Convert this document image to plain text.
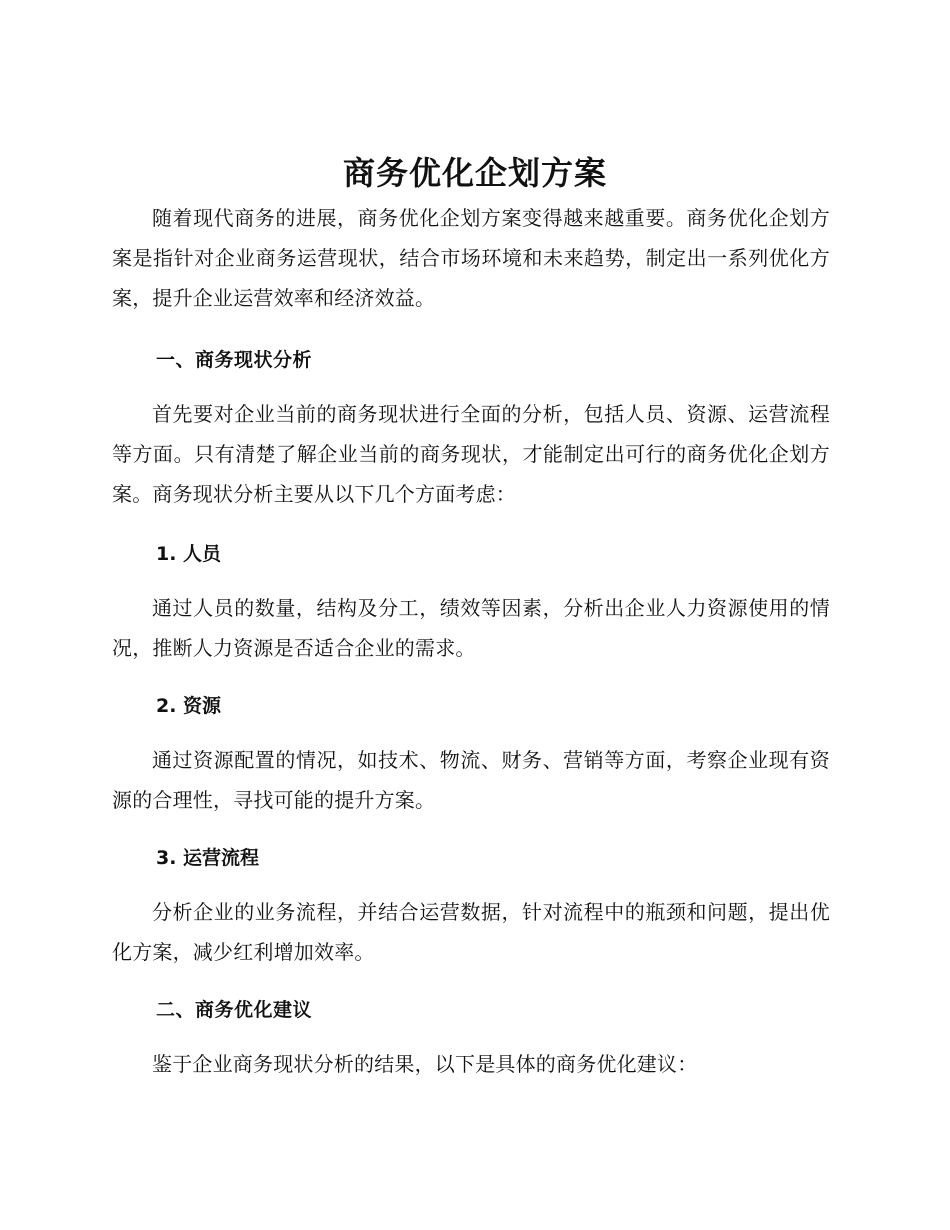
商务优化企划方案

随着现代商务的进展，商务优化企划方案变得越来越重要。商务优化企划方案是指针对企业商务运营现状，结合市场环境和未来趋势，制定出一系列优化方案，提升企业运营效率和经济效益。

一、商务现状分析

首先要对企业当前的商务现状进行全面的分析，包括人员、资源、运营流程等方面。只有清楚了解企业当前的商务现状，才能制定出可行的商务优化企划方案。商务现状分析主要从以下几个方面考虑：

1. 人员

通过人员的数量，结构及分工，绩效等因素，分析出企业人力资源使用的情况，推断人力资源是否适合企业的需求。

2. 资源

通过资源配置的情况，如技术、物流、财务、营销等方面，考察企业现有资源的合理性，寻找可能的提升方案。

3. 运营流程

分析企业的业务流程，并结合运营数据，针对流程中的瓶颈和问题，提出优化方案，减少红利增加效率。

二、商务优化建议

鉴于企业商务现状分析的结果，以下是具体的商务优化建议：
